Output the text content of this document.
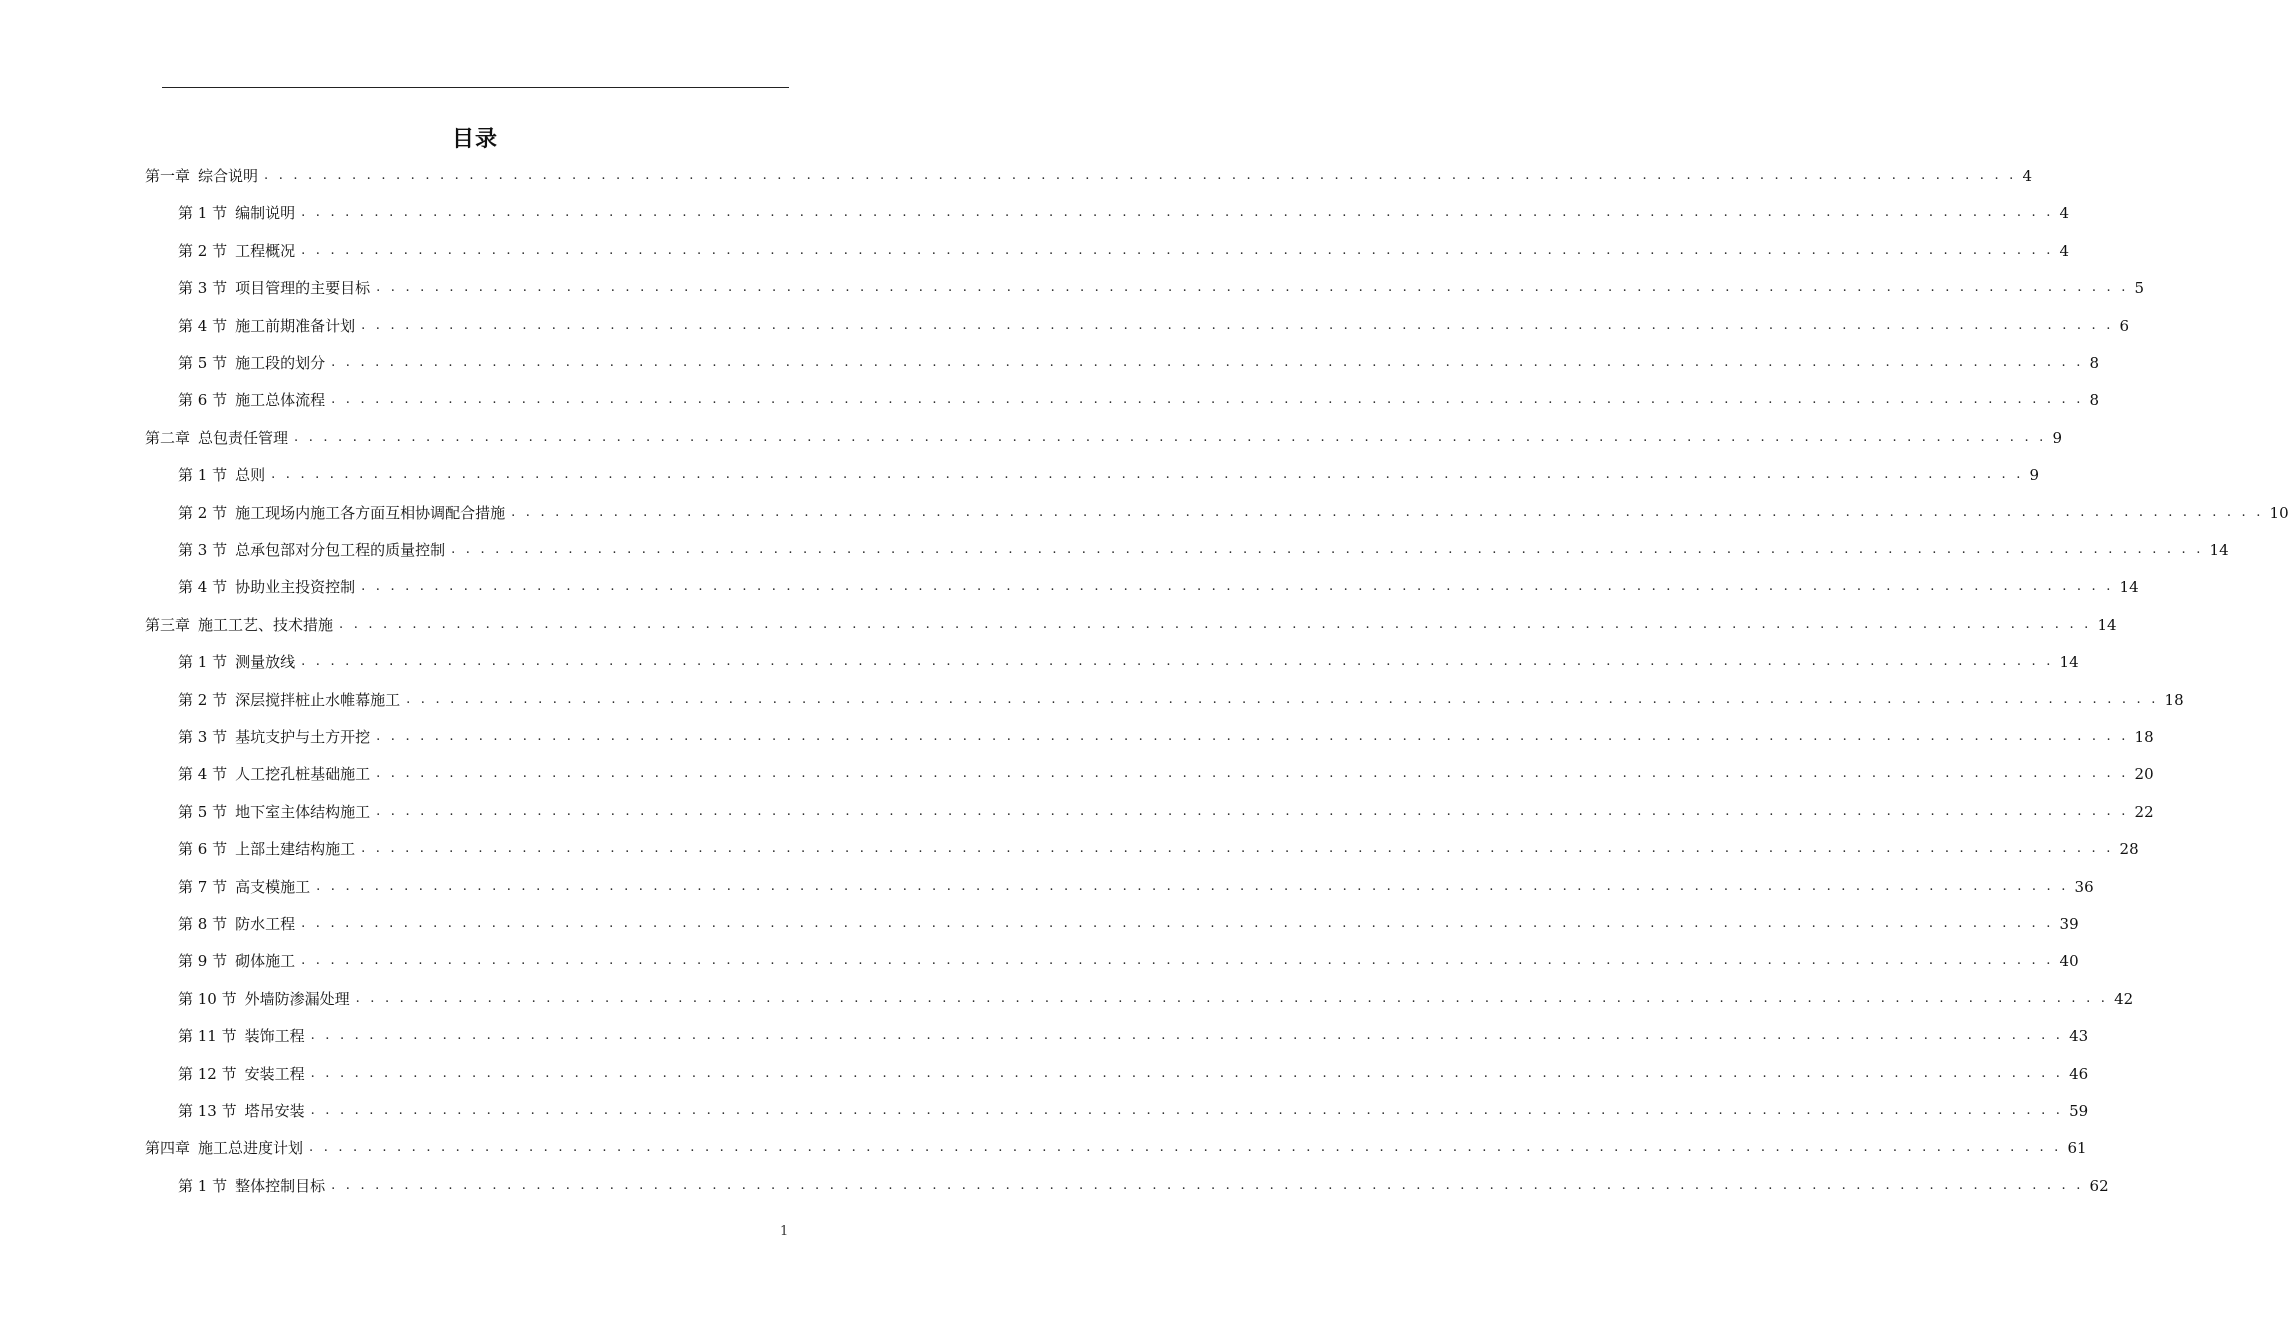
目录
第一章 综合说明 . . . . . . . . . . . . . . . . . . . . . . . . . . . . . . . . . . . . . . . . . . . . . . . . . . . . . . . . . . . . . . . . . . . . . . . . . . . . . . . . . . . . . . . . . . . . . . . . . . . . . . . . . . . . . . . . . . . . . . . . 4
第 1 节 编制说明 . . . . . . . . . . . . . . . . . . . . . . . . . . . . . . . . . . . . . . . . . . . . . . . . . . . . . . . . . . . . . . . . . . . . . . . . . . . . . . . . . . . . . . . . . . . . . . . . . . . . . . . . . . . . . . . . . . . . . . . . 4
第 2 节 工程概况 . . . . . . . . . . . . . . . . . . . . . . . . . . . . . . . . . . . . . . . . . . . . . . . . . . . . . . . . . . . . . . . . . . . . . . . . . . . . . . . . . . . . . . . . . . . . . . . . . . . . . . . . . . . . . . . . . . . . . . . . 4
第 3 节 项目管理的主要目标 . . . . . . . . . . . . . . . . . . . . . . . . . . . . . . . . . . . . . . . . . . . . . . . . . . . . . . . . . . . . . . . . . . . . . . . . . . . . . . . . . . . . . . . . . . . . . . . . . . . . . . . . . . . . . . . . . . . . . . . . 5
第 4 节 施工前期准备计划 . . . . . . . . . . . . . . . . . . . . . . . . . . . . . . . . . . . . . . . . . . . . . . . . . . . . . . . . . . . . . . . . . . . . . . . . . . . . . . . . . . . . . . . . . . . . . . . . . . . . . . . . . . . . . . . . . . . . . . . . 6
第 5 节 施工段的划分 . . . . . . . . . . . . . . . . . . . . . . . . . . . . . . . . . . . . . . . . . . . . . . . . . . . . . . . . . . . . . . . . . . . . . . . . . . . . . . . . . . . . . . . . . . . . . . . . . . . . . . . . . . . . . . . . . . . . . . . . 8
第 6 节 施工总体流程 . . . . . . . . . . . . . . . . . . . . . . . . . . . . . . . . . . . . . . . . . . . . . . . . . . . . . . . . . . . . . . . . . . . . . . . . . . . . . . . . . . . . . . . . . . . . . . . . . . . . . . . . . . . . . . . . . . . . . . . . 8
第二章 总包责任管理 . . . . . . . . . . . . . . . . . . . . . . . . . . . . . . . . . . . . . . . . . . . . . . . . . . . . . . . . . . . . . . . . . . . . . . . . . . . . . . . . . . . . . . . . . . . . . . . . . . . . . . . . . . . . . . . . . . . . . . . . 9
第 1 节 总则 . . . . . . . . . . . . . . . . . . . . . . . . . . . . . . . . . . . . . . . . . . . . . . . . . . . . . . . . . . . . . . . . . . . . . . . . . . . . . . . . . . . . . . . . . . . . . . . . . . . . . . . . . . . . . . . . . . . . . . . . 9
第 2 节 施工现场内施工各方面互相协调配合措施 . . . . . . . . . . . . . . . . . . . . . . . . . . . . . . . . . . . . . . . . . . . . . . . . . . . . . . . . . . . . . . . . . . . . . . . . . . . . . . . . . . . . . . . . . . . . . . . . . . . . . . . . . . . . . . . . . . . . . . . . 10
第 3 节 总承包部对分包工程的质量控制 . . . . . . . . . . . . . . . . . . . . . . . . . . . . . . . . . . . . . . . . . . . . . . . . . . . . . . . . . . . . . . . . . . . . . . . . . . . . . . . . . . . . . . . . . . . . . . . . . . . . . . . . . . . . . . . . . . . . . . . . 14
第 4 节 协助业主投资控制 . . . . . . . . . . . . . . . . . . . . . . . . . . . . . . . . . . . . . . . . . . . . . . . . . . . . . . . . . . . . . . . . . . . . . . . . . . . . . . . . . . . . . . . . . . . . . . . . . . . . . . . . . . . . . . . . . . . . . . . . 14
第三章 施工工艺、技术措施 . . . . . . . . . . . . . . . . . . . . . . . . . . . . . . . . . . . . . . . . . . . . . . . . . . . . . . . . . . . . . . . . . . . . . . . . . . . . . . . . . . . . . . . . . . . . . . . . . . . . . . . . . . . . . . . . . . . . . . . . 14
第 1 节 测量放线 . . . . . . . . . . . . . . . . . . . . . . . . . . . . . . . . . . . . . . . . . . . . . . . . . . . . . . . . . . . . . . . . . . . . . . . . . . . . . . . . . . . . . . . . . . . . . . . . . . . . . . . . . . . . . . . . . . . . . . . . 14
第 2 节 深层搅拌桩止水帷幕施工 . . . . . . . . . . . . . . . . . . . . . . . . . . . . . . . . . . . . . . . . . . . . . . . . . . . . . . . . . . . . . . . . . . . . . . . . . . . . . . . . . . . . . . . . . . . . . . . . . . . . . . . . . . . . . . . . . . . . . . . . 18
第 3 节 基坑支护与土方开挖 . . . . . . . . . . . . . . . . . . . . . . . . . . . . . . . . . . . . . . . . . . . . . . . . . . . . . . . . . . . . . . . . . . . . . . . . . . . . . . . . . . . . . . . . . . . . . . . . . . . . . . . . . . . . . . . . . . . . . . . . 18
第 4 节 人工挖孔桩基础施工 . . . . . . . . . . . . . . . . . . . . . . . . . . . . . . . . . . . . . . . . . . . . . . . . . . . . . . . . . . . . . . . . . . . . . . . . . . . . . . . . . . . . . . . . . . . . . . . . . . . . . . . . . . . . . . . . . . . . . . . . 20
第 5 节 地下室主体结构施工 . . . . . . . . . . . . . . . . . . . . . . . . . . . . . . . . . . . . . . . . . . . . . . . . . . . . . . . . . . . . . . . . . . . . . . . . . . . . . . . . . . . . . . . . . . . . . . . . . . . . . . . . . . . . . . . . . . . . . . . . 22
第 6 节 上部土建结构施工 . . . . . . . . . . . . . . . . . . . . . . . . . . . . . . . . . . . . . . . . . . . . . . . . . . . . . . . . . . . . . . . . . . . . . . . . . . . . . . . . . . . . . . . . . . . . . . . . . . . . . . . . . . . . . . . . . . . . . . . . 28
第 7 节 高支模施工 . . . . . . . . . . . . . . . . . . . . . . . . . . . . . . . . . . . . . . . . . . . . . . . . . . . . . . . . . . . . . . . . . . . . . . . . . . . . . . . . . . . . . . . . . . . . . . . . . . . . . . . . . . . . . . . . . . . . . . . . 36
第 8 节 防水工程 . . . . . . . . . . . . . . . . . . . . . . . . . . . . . . . . . . . . . . . . . . . . . . . . . . . . . . . . . . . . . . . . . . . . . . . . . . . . . . . . . . . . . . . . . . . . . . . . . . . . . . . . . . . . . . . . . . . . . . . . 39
第 9 节 砌体施工 . . . . . . . . . . . . . . . . . . . . . . . . . . . . . . . . . . . . . . . . . . . . . . . . . . . . . . . . . . . . . . . . . . . . . . . . . . . . . . . . . . . . . . . . . . . . . . . . . . . . . . . . . . . . . . . . . . . . . . . . 40
第 10 节 外墙防渗漏处理 . . . . . . . . . . . . . . . . . . . . . . . . . . . . . . . . . . . . . . . . . . . . . . . . . . . . . . . . . . . . . . . . . . . . . . . . . . . . . . . . . . . . . . . . . . . . . . . . . . . . . . . . . . . . . . . . . . . . . . . . 42
第 11 节 装饰工程 . . . . . . . . . . . . . . . . . . . . . . . . . . . . . . . . . . . . . . . . . . . . . . . . . . . . . . . . . . . . . . . . . . . . . . . . . . . . . . . . . . . . . . . . . . . . . . . . . . . . . . . . . . . . . . . . . . . . . . . . 43
第 12 节 安装工程 . . . . . . . . . . . . . . . . . . . . . . . . . . . . . . . . . . . . . . . . . . . . . . . . . . . . . . . . . . . . . . . . . . . . . . . . . . . . . . . . . . . . . . . . . . . . . . . . . . . . . . . . . . . . . . . . . . . . . . . . 46
第 13 节 塔吊安装 . . . . . . . . . . . . . . . . . . . . . . . . . . . . . . . . . . . . . . . . . . . . . . . . . . . . . . . . . . . . . . . . . . . . . . . . . . . . . . . . . . . . . . . . . . . . . . . . . . . . . . . . . . . . . . . . . . . . . . . . 59
第四章 施工总进度计划 . . . . . . . . . . . . . . . . . . . . . . . . . . . . . . . . . . . . . . . . . . . . . . . . . . . . . . . . . . . . . . . . . . . . . . . . . . . . . . . . . . . . . . . . . . . . . . . . . . . . . . . . . . . . . . . . . . . . . . . . 61
第 1 节 整体控制目标 . . . . . . . . . . . . . . . . . . . . . . . . . . . . . . . . . . . . . . . . . . . . . . . . . . . . . . . . . . . . . . . . . . . . . . . . . . . . . . . . . . . . . . . . . . . . . . . . . . . . . . . . . . . . . . . . . . . . . . . . 62
1
